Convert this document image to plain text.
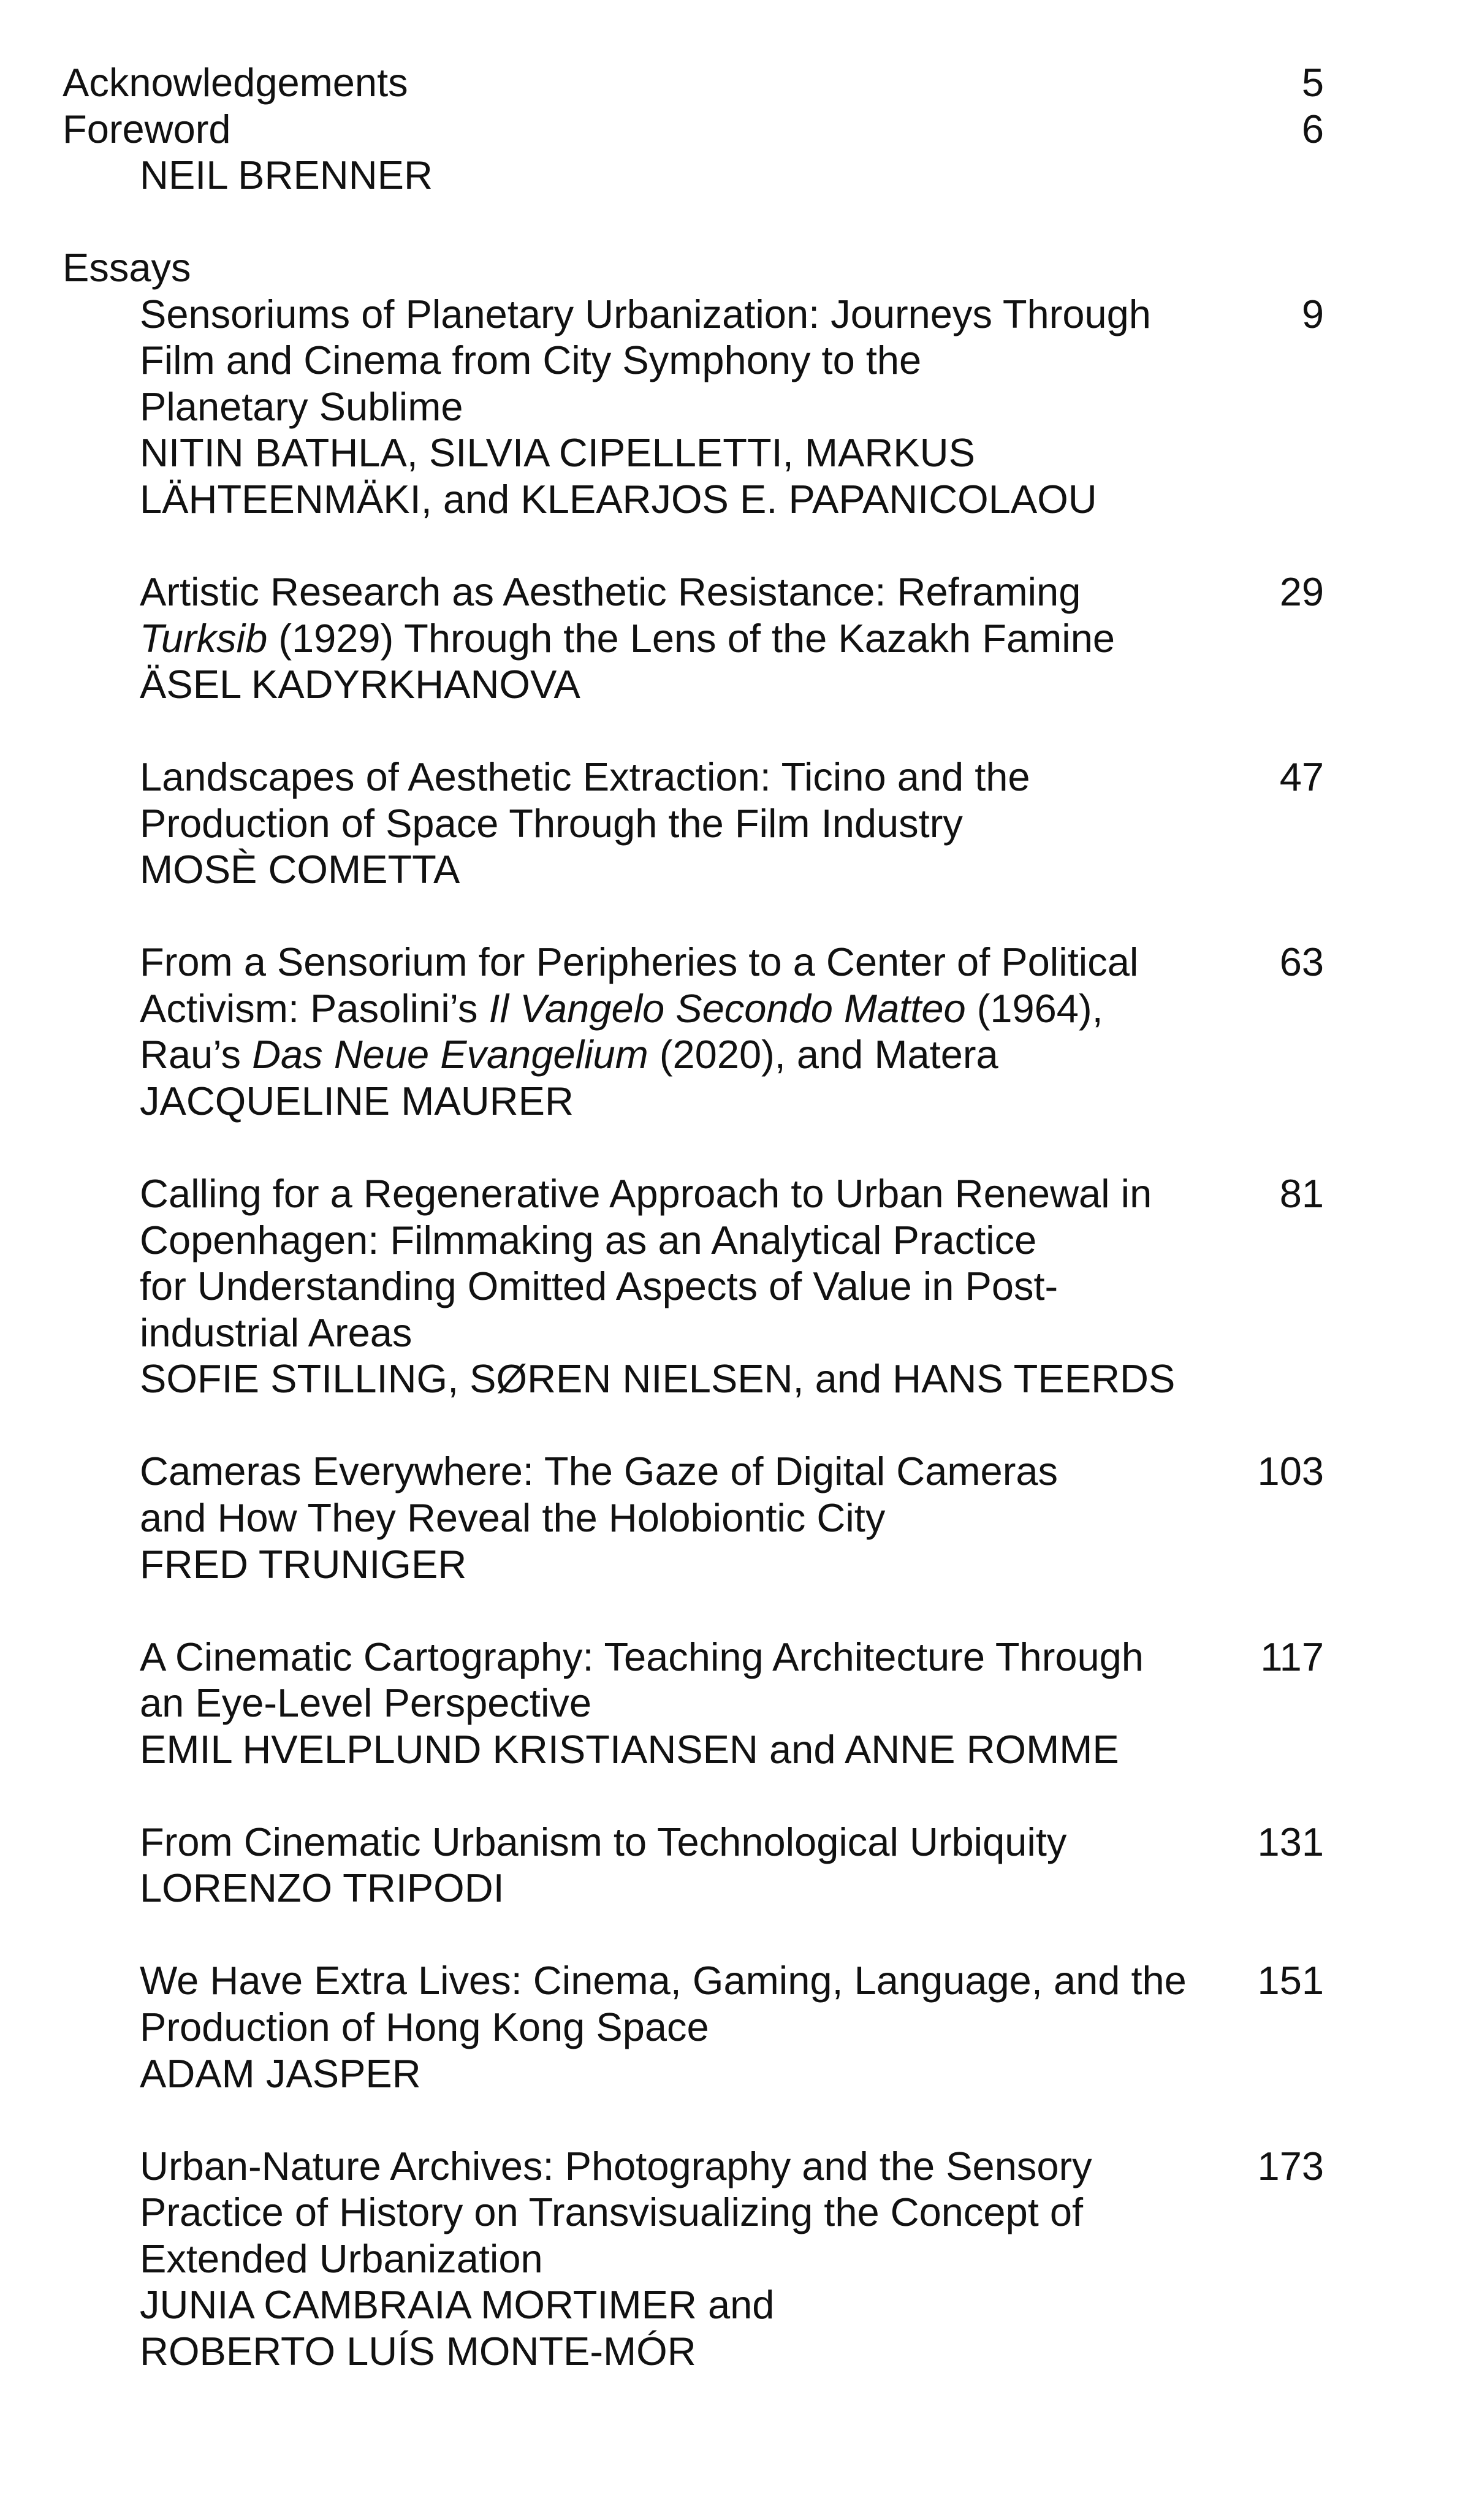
Acknowledgements	5
Foreword	6
NEIL BRENNER
Essays
Sensoriums of Planetary Urbanization: Journeys Through	9
Film and Cinema from City Symphony to the
Planetary Sublime
NITIN BATHLA, SILVIA CIPELLETTI, MARKUS
LÄHTEENMÄKI, and KLEARJOS E. PAPANICOLAOU
Artistic Research as Aesthetic Resistance: Reframing	29
Turksib (1929) Through the Lens of the Kazakh Famine
ÄSEL KADYRKHANOVA
Landscapes of Aesthetic Extraction: Ticino and the	47
Production of Space Through the Film Industry
MOSÈ COMETTA
From a Sensorium for Peripheries to a Center of Political	63
Activism: Pasolini’s Il Vangelo Secondo Matteo (1964),
Rau’s Das Neue Evangelium (2020), and Matera
JACQUELINE MAURER
Calling for a Regenerative Approach to Urban Renewal in	81
Copenhagen: Filmmaking as an Analytical Practice
for Understanding Omitted Aspects of Value in Post-
industrial Areas
SOFIE STILLING, SØREN NIELSEN, and HANS TEERDS
Cameras Everywhere: The Gaze of Digital Cameras	103
and How They Reveal the Holobiontic City
FRED TRUNIGER
A Cinematic Cartography: Teaching Architecture Through	117
an Eye-Level Perspective
EMIL HVELPLUND KRISTIANSEN and ANNE ROMME
From Cinematic Urbanism to Technological Urbiquity	131
LORENZO TRIPODI
We Have Extra Lives: Cinema, Gaming, Language, and the 151
Production of Hong Kong Space
ADAM JASPER
Urban-Nature Archives: Photography and the Sensory	173
Practice of History on Transvisualizing the Concept of
Extended Urbanization
JUNIA CAMBRAIA MORTIMER and
ROBERTO LUÍS MONTE-MÓR
